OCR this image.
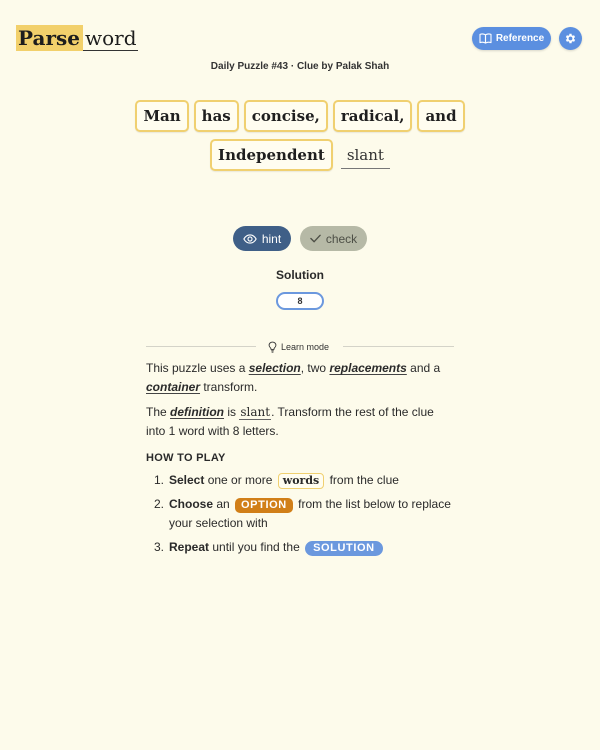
Parse word	Reference
Daily Puzzle #43 · Clue by Palak Shah
Man	has	concise,	radical,	and
Independent	slant
hint	check
Solution
8
Learn mode
This puzzle uses a selection, two replacements and a container transform.
The definition is slant. Transform the rest of the clue into 1 word with 8 letters.
HOW TO PLAY
1. Select one or more words from the clue
2. Choose an OPTION from the list below to replace your selection with
3. Repeat until you find the SOLUTION
